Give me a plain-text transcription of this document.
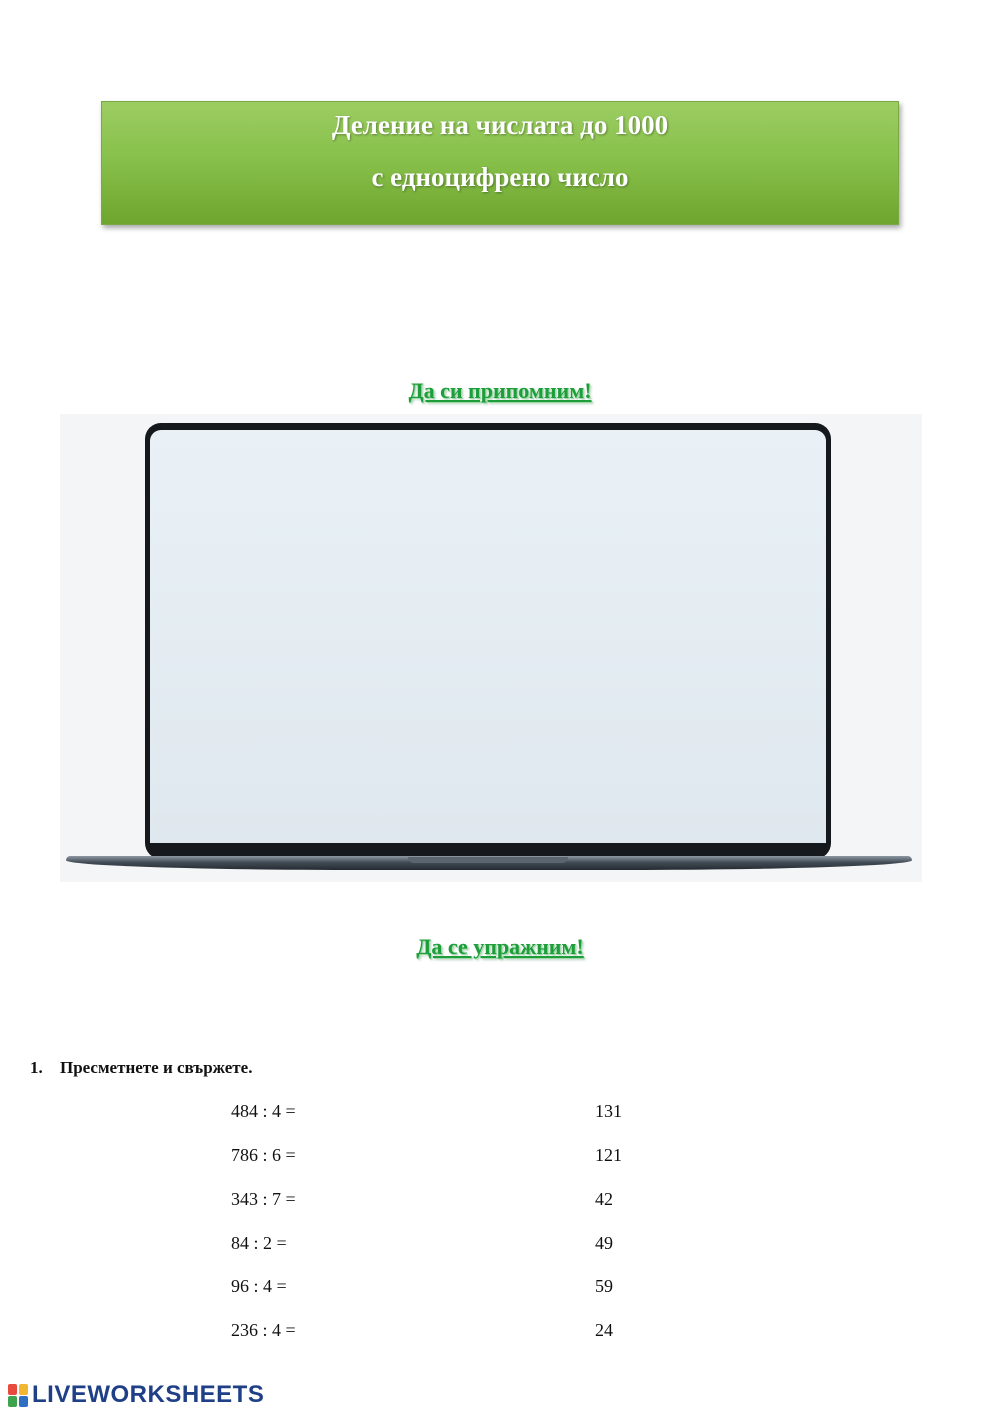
Деление на числата до 1000
с едноцифрено число
Да си припомним!
Да се упражним!
1. Пресметнете и свържете.
484 : 4 =
786 : 6 =
343 : 7 =
84 : 2 =
96 : 4 =
236 : 4 =
131
121
42
49
59
24
LIVEWORKSHEETS
